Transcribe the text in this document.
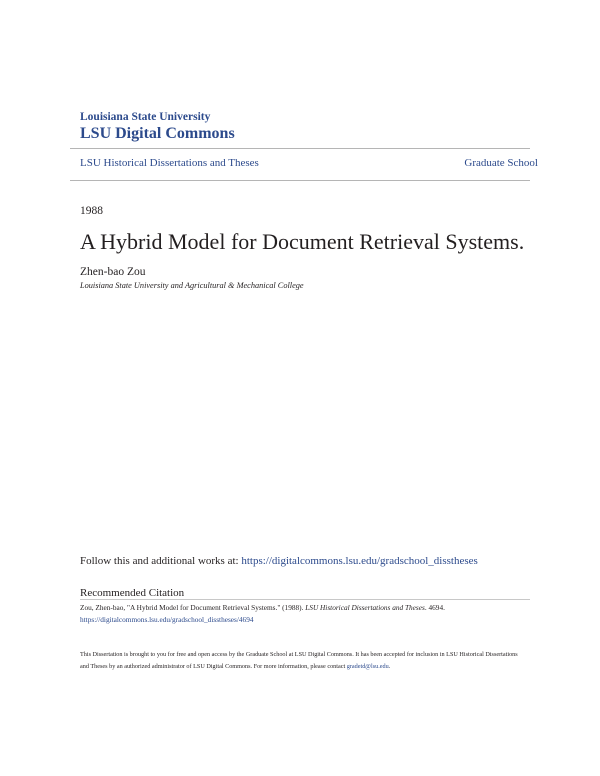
Louisiana State University
LSU Digital Commons
LSU Historical Dissertations and Theses	Graduate School
1988
A Hybrid Model for Document Retrieval Systems.
Zhen-bao Zou
Louisiana State University and Agricultural & Mechanical College
Follow this and additional works at: https://digitalcommons.lsu.edu/gradschool_disstheses
Recommended Citation
Zou, Zhen-bao, "A Hybrid Model for Document Retrieval Systems." (1988). LSU Historical Dissertations and Theses. 4694.
https://digitalcommons.lsu.edu/gradschool_disstheses/4694
This Dissertation is brought to you for free and open access by the Graduate School at LSU Digital Commons. It has been accepted for inclusion in LSU Historical Dissertations and Theses by an authorized administrator of LSU Digital Commons. For more information, please contact gradetd@lsu.edu.
